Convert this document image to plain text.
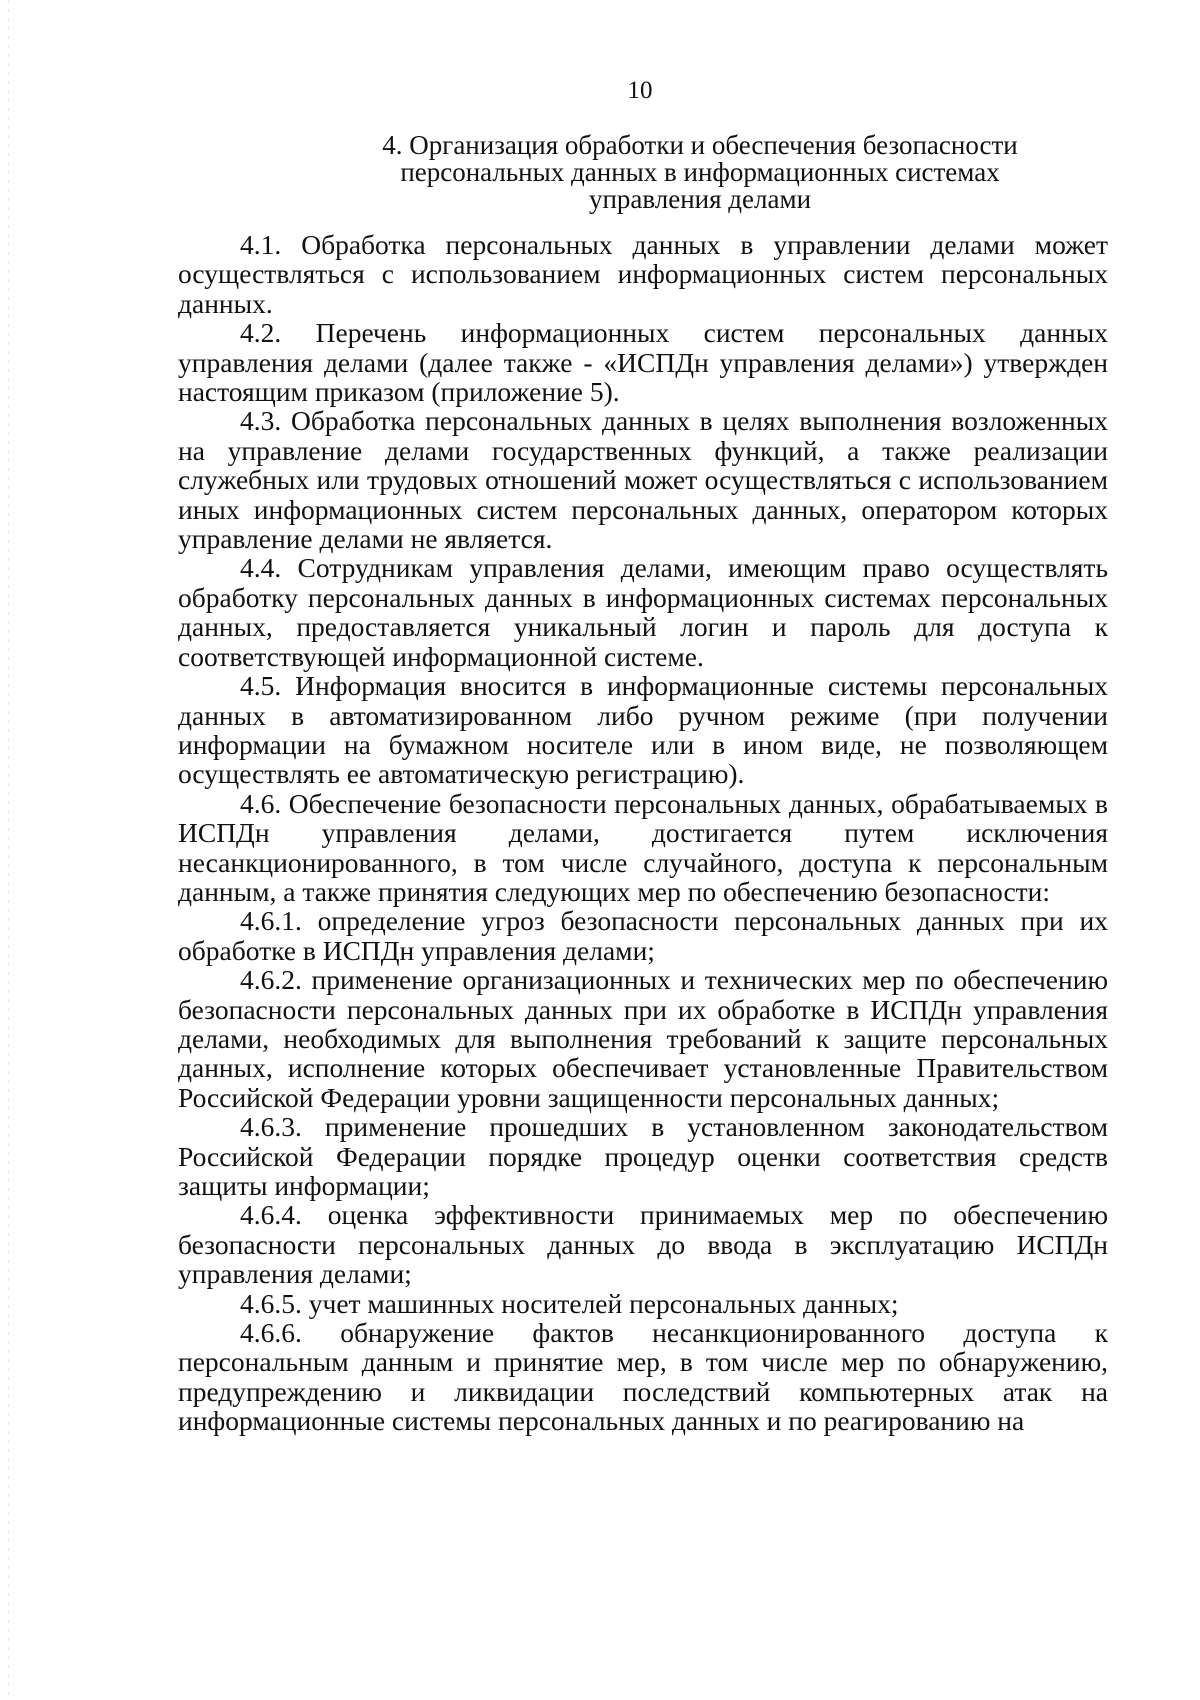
10
4. Организация обработки и обеспечения безопасности
персональных данных в информационных системах
управления делами

4.1. Обработка персональных данных в управлении делами может осуществляться с использованием информационных систем персональных данных.

4.2. Перечень информационных систем персональных данных управления делами (далее также - «ИСПДн управления делами») утвержден настоящим приказом (приложение 5).

4.3. Обработка персональных данных в целях выполнения возложенных на управление делами государственных функций, а также реализации служебных или трудовых отношений может осуществляться с использованием иных информационных систем персональных данных, оператором которых управление делами не является.

4.4. Сотрудникам управления делами, имеющим право осуществлять обработку персональных данных в информационных системах персональных данных, предоставляется уникальный логин и пароль для доступа к соответствующей информационной системе.

4.5. Информация вносится в информационные системы персональных данных в автоматизированном либо ручном режиме (при получении информации на бумажном носителе или в ином виде, не позволяющем осуществлять ее автоматическую регистрацию).

4.6. Обеспечение безопасности персональных данных, обрабатываемых в ИСПДн управления делами, достигается путем исключения несанкционированного, в том числе случайного, доступа к персональным данным, а также принятия следующих мер по обеспечению безопасности:

4.6.1. определение угроз безопасности персональных данных при их обработке в ИСПДн управления делами;

4.6.2. применение организационных и технических мер по обеспечению безопасности персональных данных при их обработке в ИСПДн управления делами, необходимых для выполнения требований к защите персональных данных, исполнение которых обеспечивает установленные Правительством Российской Федерации уровни защищенности персональных данных;

4.6.3. применение прошедших в установленном законодательством Российской Федерации порядке процедур оценки соответствия средств защиты информации;

4.6.4. оценка эффективности принимаемых мер по обеспечению безопасности персональных данных до ввода в эксплуатацию ИСПДн управления делами;

4.6.5. учет машинных носителей персональных данных;

4.6.6. обнаружение фактов несанкционированного доступа к персональным данным и принятие мер, в том числе мер по обнаружению, предупреждению и ликвидации последствий компьютерных атак на информационные системы персональных данных и по реагированию на
